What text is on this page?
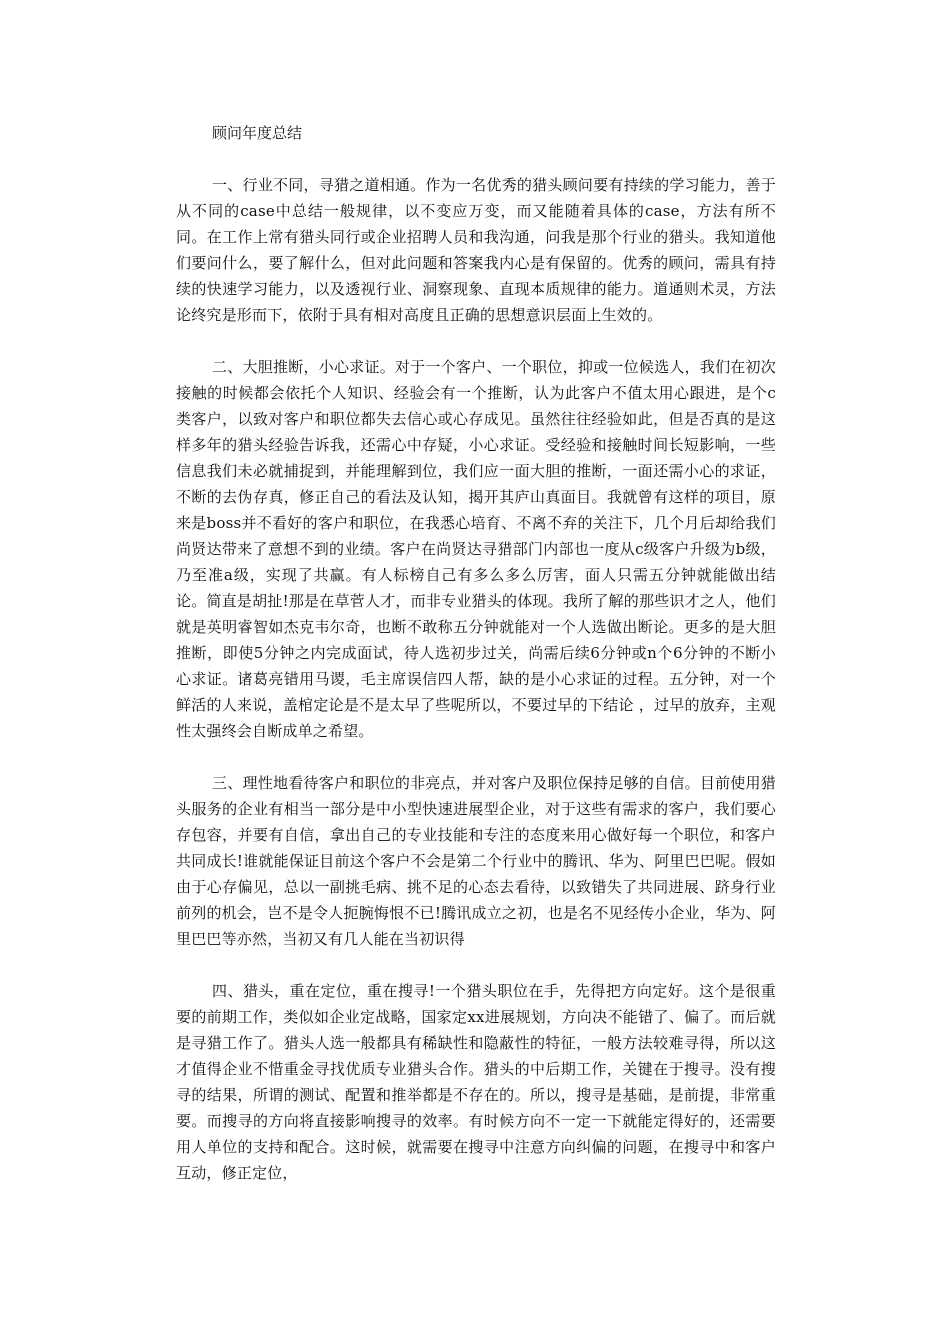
顾问年度总结

一、行业不同，寻猎之道相通。作为一名优秀的猎头顾问要有持续的学习能力，善于从不同的case中总结一般规律，以不变应万变，而又能随着具体的case，方法有所不同。在工作上常有猎头同行或企业招聘人员和我沟通，问我是那个行业的猎头。我知道他们要问什么，要了解什么，但对此问题和答案我内心是有保留的。优秀的顾问，需具有持续的快速学习能力，以及透视行业、洞察现象、直现本质规律的能力。道通则术灵，方法论终究是形而下，依附于具有相对高度且正确的思想意识层面上生效的。

二、大胆推断，小心求证。对于一个客户、一个职位，抑或一位候选人，我们在初次接触的时候都会依托个人知识、经验会有一个推断，认为此客户不值太用心跟进，是个c类客户，以致对客户和职位都失去信心或心存成见。虽然往往经验如此，但是否真的是这样多年的猎头经验告诉我，还需心中存疑，小心求证。受经验和接触时间长短影响，一些信息我们未必就捕捉到，并能理解到位，我们应一面大胆的推断，一面还需小心的求证，不断的去伪存真，修正自己的看法及认知，揭开其庐山真面目。我就曾有这样的项目，原来是boss并不看好的客户和职位，在我悉心培育、不离不弃的关注下，几个月后却给我们尚贤达带来了意想不到的业绩。客户在尚贤达寻猎部门内部也一度从c级客户升级为b级，乃至准a级，实现了共赢。有人标榜自己有多么多么厉害，面人只需五分钟就能做出结论。简直是胡扯!那是在草菅人才，而非专业猎头的体现。我所了解的那些识才之人，他们就是英明睿智如杰克韦尔奇，也断不敢称五分钟就能对一个人选做出断论。更多的是大胆推断，即使5分钟之内完成面试，待人选初步过关，尚需后续6分钟或n个6分钟的不断小心求证。诸葛亮错用马谡，毛主席误信四人帮，缺的是小心求证的过程。五分钟，对一个鲜活的人来说，盖棺定论是不是太早了些呢所以，不要过早的下结论 ，过早的放弃，主观性太强终会自断成单之希望。

三、理性地看待客户和职位的非亮点，并对客户及职位保持足够的自信。目前使用猎头服务的企业有相当一部分是中小型快速进展型企业，对于这些有需求的客户，我们要心存包容，并要有自信，拿出自己的专业技能和专注的态度来用心做好每一个职位，和客户共同成长!谁就能保证目前这个客户不会是第二个行业中的腾讯、华为、阿里巴巴呢。假如由于心存偏见，总以一副挑毛病、挑不足的心态去看待，以致错失了共同进展、跻身行业前列的机会，岂不是令人扼腕悔恨不已!腾讯成立之初，也是名不见经传小企业，华为、阿里巴巴等亦然，当初又有几人能在当初识得

四、猎头，重在定位，重在搜寻!一个猎头职位在手，先得把方向定好。这个是很重要的前期工作，类似如企业定战略，国家定xx进展规划，方向决不能错了、偏了。而后就是寻猎工作了。猎头人选一般都具有稀缺性和隐蔽性的特征，一般方法较难寻得，所以这才值得企业不惜重金寻找优质专业猎头合作。猎头的中后期工作，关键在于搜寻。没有搜寻的结果，所谓的测试、配置和推举都是不存在的。所以，搜寻是基础，是前提，非常重要。而搜寻的方向将直接影响搜寻的效率。有时候方向不一定一下就能定得好的，还需要用人单位的支持和配合。这时候，就需要在搜寻中注意方向纠偏的问题，在搜寻中和客户互动，修正定位，
